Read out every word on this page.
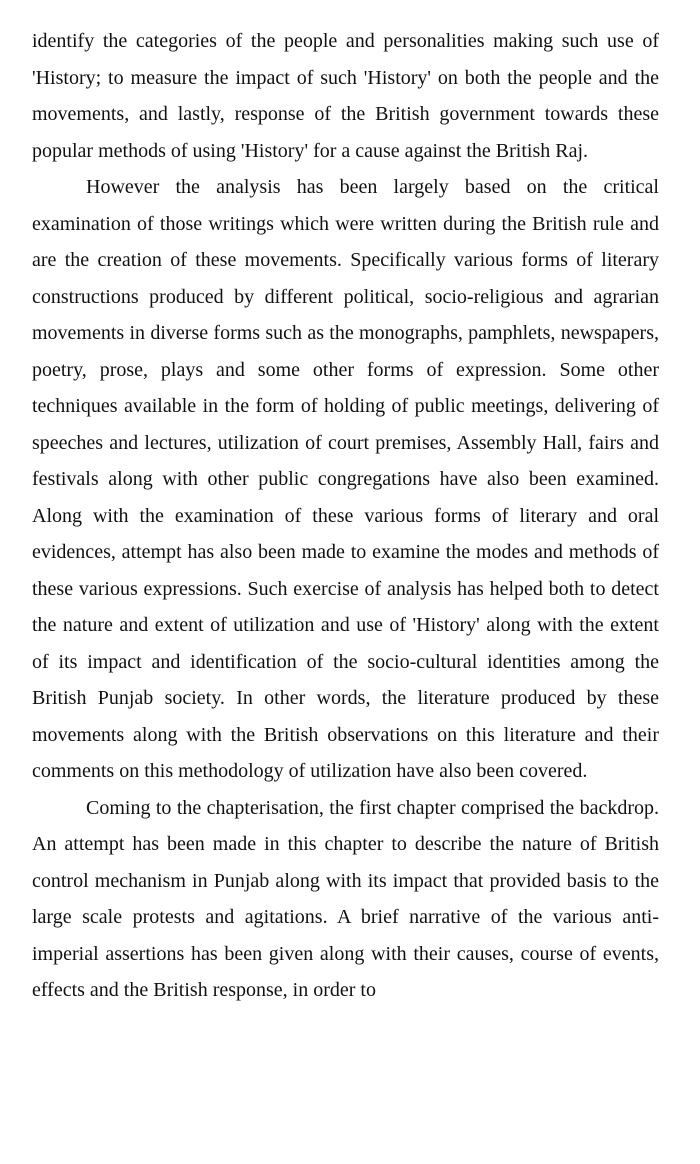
identify the categories of the people and personalities making such use of 'History; to measure the impact of such 'History' on both the people and the movements, and lastly, response of the British government towards these popular methods of using 'History' for a cause against the British Raj.

However the analysis has been largely based on the critical examination of those writings which were written during the British rule and are the creation of these movements. Specifically various forms of literary constructions produced by different political, socio-religious and agrarian movements in diverse forms such as the monographs, pamphlets, newspapers, poetry, prose, plays and some other forms of expression. Some other techniques available in the form of holding of public meetings, delivering of speeches and lectures, utilization of court premises, Assembly Hall, fairs and festivals along with other public congregations have also been examined. Along with the examination of these various forms of literary and oral evidences, attempt has also been made to examine the modes and methods of these various expressions. Such exercise of analysis has helped both to detect the nature and extent of utilization and use of 'History' along with the extent of its impact and identification of the socio-cultural identities among the British Punjab society. In other words, the literature produced by these movements along with the British observations on this literature and their comments on this methodology of utilization have also been covered.

Coming to the chapterisation, the first chapter comprised the backdrop. An attempt has been made in this chapter to describe the nature of British control mechanism in Punjab along with its impact that provided basis to the large scale protests and agitations. A brief narrative of the various anti-imperial assertions has been given along with their causes, course of events, effects and the British response, in order to
